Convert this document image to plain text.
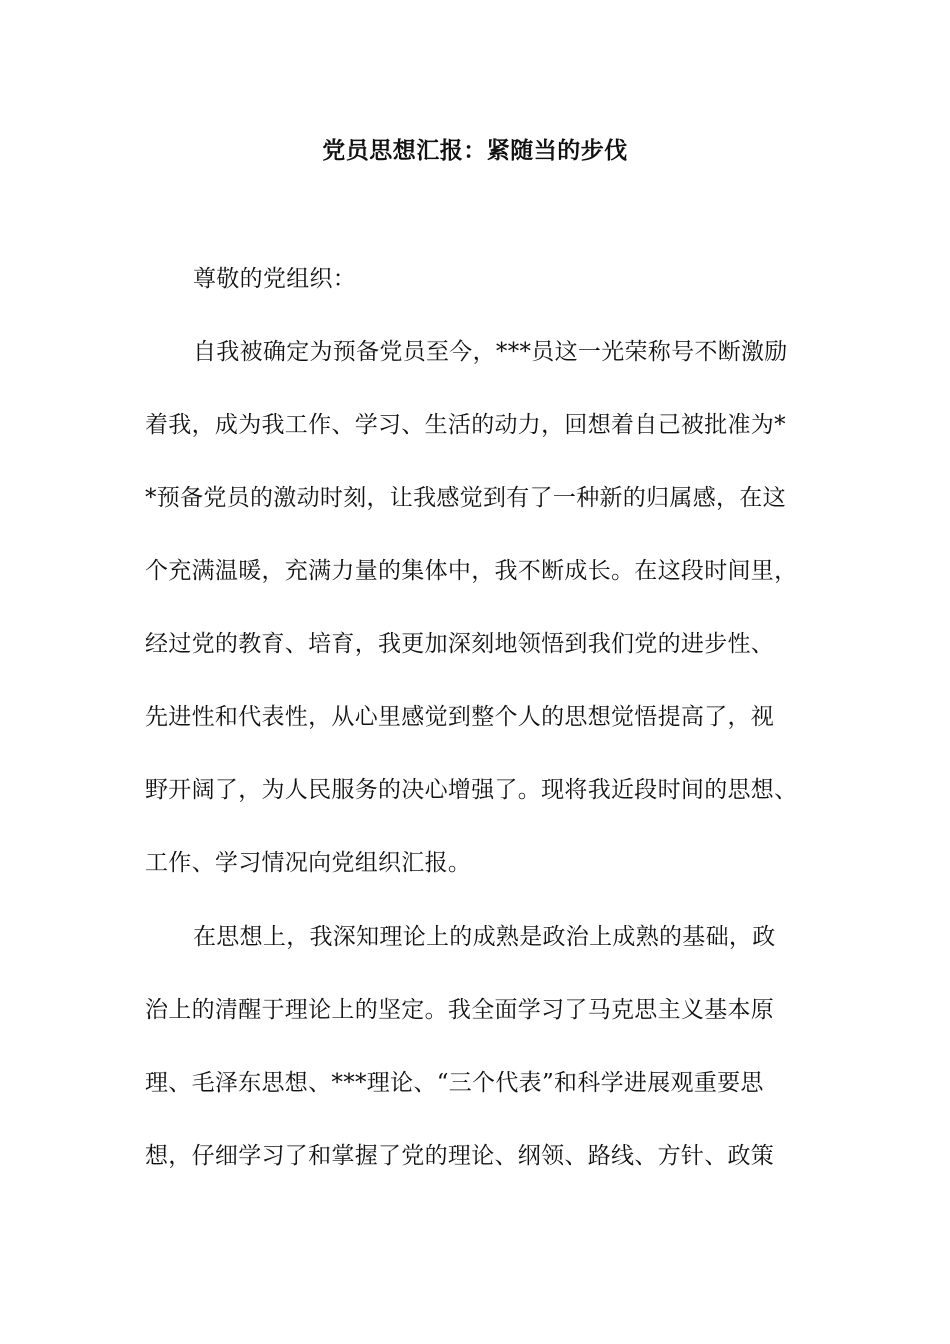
党员思想汇报：紧随当的步伐
尊敬的党组织：
自我被确定为预备党员至今，***员这一光荣称号不断激励
着我，成为我工作、学习、生活的动力，回想着自己被批准为*
*预备党员的激动时刻，让我感觉到有了一种新的归属感，在这
个充满温暖，充满力量的集体中，我不断成长。在这段时间里，
经过党的教育、培育，我更加深刻地领悟到我们党的进步性、
先进性和代表性，从心里感觉到整个人的思想觉悟提高了，视
野开阔了，为人民服务的决心增强了。现将我近段时间的思想、
工作、学习情况向党组织汇报。
在思想上，我深知理论上的成熟是政治上成熟的基础，政
治上的清醒于理论上的坚定。我全面学习了马克思主义基本原
理、毛泽东思想、***理论、“三个代表”和科学进展观重要思
想，仔细学习了和掌握了党的理论、纲领、路线、方针、政策
